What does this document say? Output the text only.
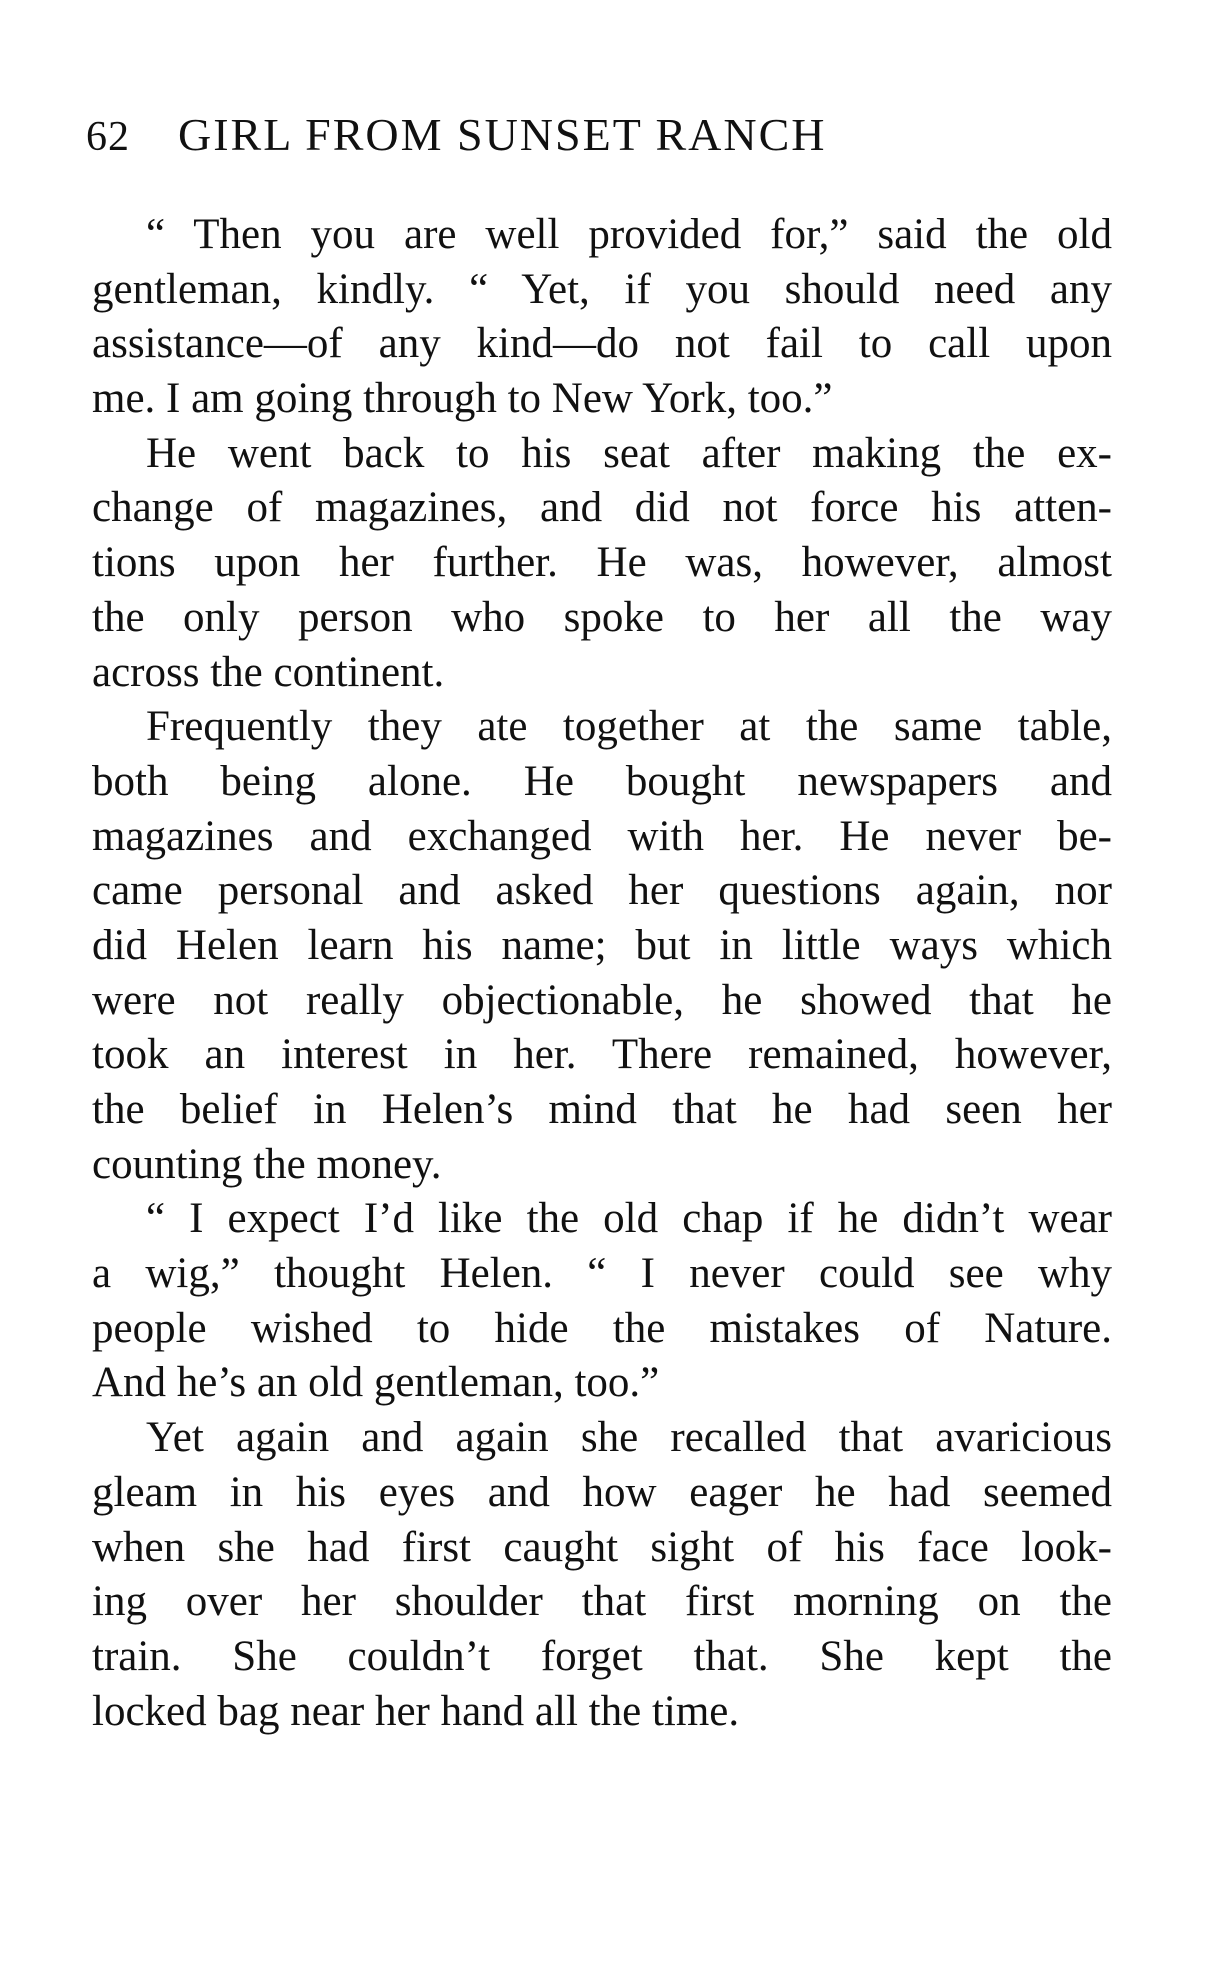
62 GIRL FROM SUNSET RANCH
“ Then you are well provided for,” said the old
gentleman, kindly. “ Yet, if you should need any
assistance—of any kind—do not fail to call upon
me. I am going through to New York, too.”
He went back to his seat after making the ex-
change of magazines, and did not force his atten-
tions upon her further. He was, however, almost
the only person who spoke to her all the way
across the continent.
Frequently they ate together at the same table,
both being alone. He bought newspapers and
magazines and exchanged with her. He never be-
came personal and asked her questions again, nor
did Helen learn his name; but in little ways which
were not really objectionable, he showed that he
took an interest in her. There remained, however,
the belief in Helen’s mind that he had seen her
counting the money.
“ I expect I’d like the old chap if he didn’t wear
a wig,” thought Helen. “ I never could see why
people wished to hide the mistakes of Nature.
And he’s an old gentleman, too.”
Yet again and again she recalled that avaricious
gleam in his eyes and how eager he had seemed
when she had first caught sight of his face look-
ing over her shoulder that first morning on the
train. She couldn’t forget that. She kept the
locked bag near her hand all the time.
